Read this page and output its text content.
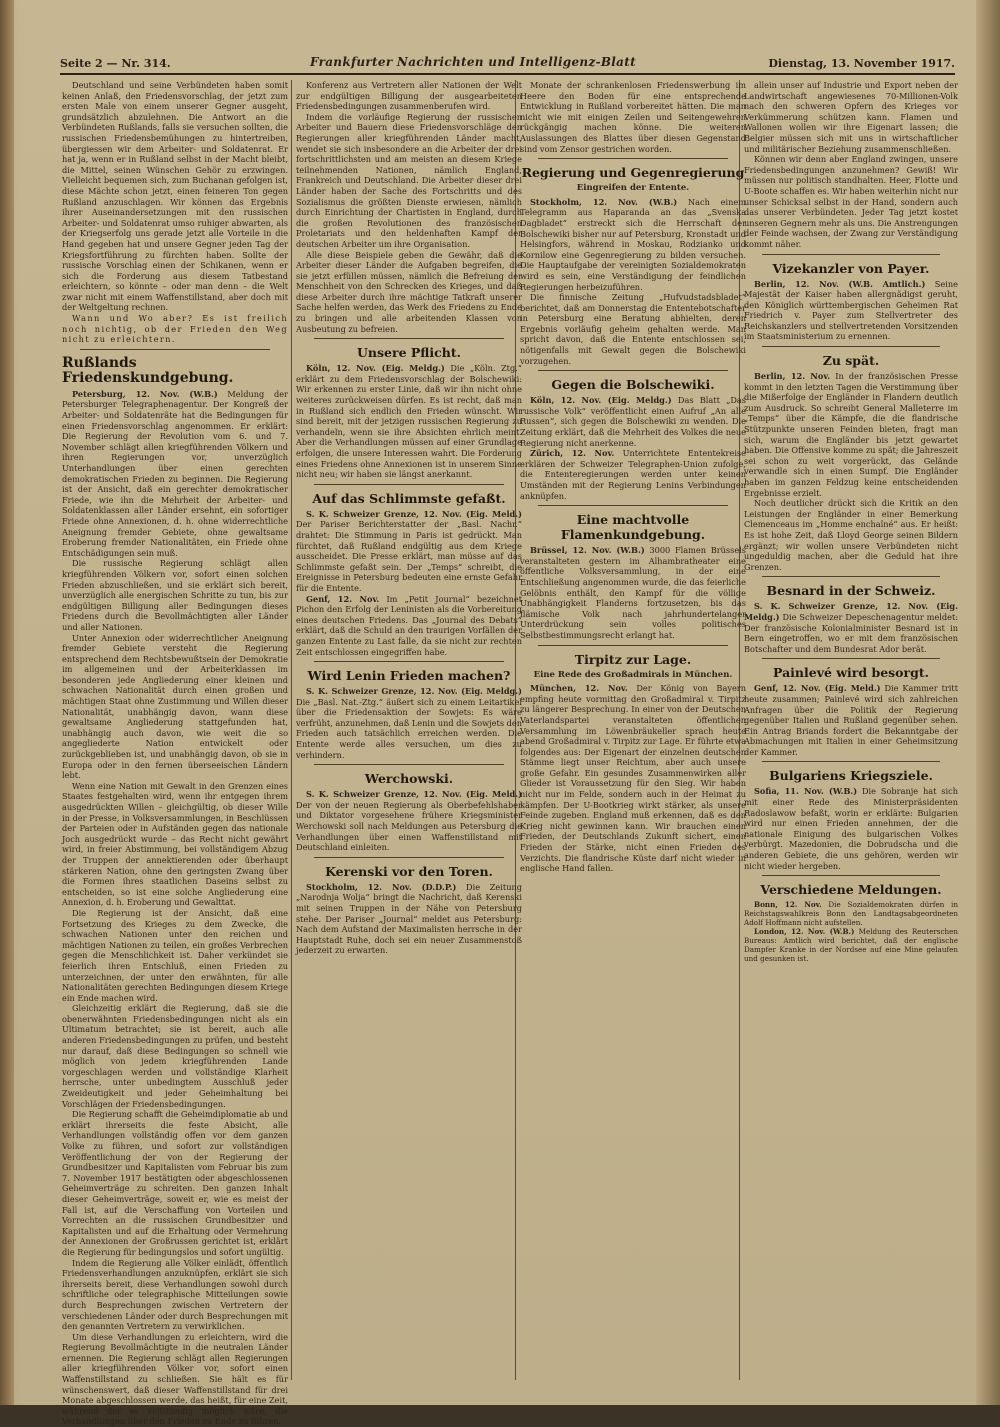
Seite 2 — Nr. 314.	Frankfurter Nachrichten und Intelligenz-Blatt	Dienstag, 13. November 1917.

Deutschland und seine Verbündeten haben somit keinen Anlaß, den Friedensvorschlag, der jetzt zum ersten Male von einem unserer Gegner ausgeht, grundsätzlich abzulehnen. Die Antwort an die Verbündeten Rußlands, falls sie versuchen sollten, die russischen Friedensbemühungen zu hintertreiben, übergiessen wir dem Arbeiter- und Soldatenrat. Er hat ja, wenn er in Rußland selbst in der Macht bleibt, die Mittel, seinen Wünschen Gehör zu erzwingen. Vielleicht bequemen sich, zum Buchanan gefolgen ist, diese Mächte schon jetzt, einen feineren Ton gegen Rußland anzuschlagen. Wir können das Ergebnis ihrer Auseinandersetzungen mit den russischen Arbeiter- und Soldatenrat umso ruhiger abwarten, als der Kriegserfolg uns gerade jetzt alle Vorteile in die Hand gegeben hat und unsere Gegner jeden Tag der Kriegsfortführung zu fürchten haben. Sollte der russische Vorschlag einen der Schikanen, wenn er sich die Forderung aus diesem Tatbestand erleichtern, so könnte – oder man denn – die Welt zwar nicht mit einem Waffenstillstand, aber doch mit der Weltgeltung rechnen.

Wann und Wo aber? Es ist freilich noch nichtig, ob der Frieden den Weg nicht zu erleichtern.

Rußlands Friedenskundgebung.

Petersburg, 12. Nov. (W.B.) Meldung der Petersburger Telegraphenagentur. Der Kongreß der Arbeiter- und Soldatenräte hat die Bedingungen für einen Friedensvorschlag angenommen. Er erklärt: Die Regierung der Revolution vom 6. und 7. November schlägt allen kriegführenden Völkern und ihren Regierungen vor, unverzüglich Unterhandlungen über einen gerechten demokratischen Frieden zu beginnen. Die Regierung ist der Ansicht, daß ein gerechter demokratischer Friede, wie ihn die Mehrheit der Arbeiter- und Soldatenklassen aller Länder ersehnt, ein sofortiger Friede ohne Annexionen, d. h. ohne widerrechtliche Aneignung fremder Gebiete, ohne gewaltsame Eroberung fremder Nationalitäten, ein Friede ohne Entschädigungen sein muß.

Die russische Regierung schlägt allen kriegführenden Völkern vor, sofort einen solchen Frieden abzuschließen, und sie erklärt sich bereit, unverzüglich alle energischen Schritte zu tun, bis zur endgültigen Billigung aller Bedingungen dieses Friedens durch die Bevollmächtigten aller Länder und aller Nationen.

Unter Annexion oder widerrechtlicher Aneignung fremder Gebiete versteht die Regierung entsprechend dem Rechtsbewußtsein der Demokratie im allgemeinen und der Arbeiterklassen im besonderen jede Angliederung einer kleinen und schwachen Nationalität durch einen großen und mächtigen Staat ohne Zustimmung und Willen dieser Nationalität, unabhängig davon, wann diese gewaltsame Angliederung stattgefunden hat, unabhängig auch davon, wie weit die so angegliederte Nation entwickelt oder zurückgeblieben ist, und unabhängig davon, ob sie in Europa oder in den fernen überseeischen Ländern lebt.

Wenn eine Nation mit Gewalt in den Grenzen eines Staates festgehalten wird, wenn ihr entgegen ihrem ausgedrückten Willen – gleichgültig, ob dieser Wille in der Presse, in Volksversammlungen, in Beschlüssen der Parteien oder in Aufständen gegen das nationale Joch ausgedrückt wurde – das Recht nicht gewährt wird, in freier Abstimmung, bei vollständigem Abzug der Truppen der annektierenden oder überhaupt stärkeren Nation, ohne den geringsten Zwang über die Formen ihres staatlichen Daseins selbst zu entscheiden, so ist eine solche Angliederung eine Annexion, d. h. Eroberung und Gewalttat.

Die Regierung ist der Ansicht, daß eine Fortsetzung des Krieges zu dem Zwecke, die schwachen Nationen unter den reichen und mächtigen Nationen zu teilen, ein großes Verbrechen gegen die Menschlichkeit ist. Daher verkündet sie feierlich ihren Entschluß, einen Frieden zu unterzeichnen, der unter den erwähnten, für alle Nationalitäten gerechten Bedingungen diesem Kriege ein Ende machen wird.

Gleichzeitig erklärt die Regierung, daß sie die obenerwähnten Friedensbedingungen nicht als ein Ultimatum betrachtet; sie ist bereit, auch alle anderen Friedensbedingungen zu prüfen, und besteht nur darauf, daß diese Bedingungen so schnell wie möglich von jedem kriegführenden Lande vorgeschlagen werden und vollständige Klarheit herrsche, unter unbedingtem Ausschluß jeder Zweideutigkeit und jeder Geheimhaltung bei Vorschlägen der Friedensbedingungen.

Die Regierung schafft die Geheimdiplomatie ab und erklärt ihrerseits die feste Absicht, alle Verhandlungen vollständig offen vor dem ganzen Volke zu führen, und sofort zur vollständigen Veröffentlichung der von der Regierung der Grundbesitzer und Kapitalisten vom Februar bis zum 7. November 1917 bestätigten oder abgeschlossenen Geheimverträge zu schreiten. Den ganzen Inhalt dieser Geheimverträge, soweit er, wie es meist der Fall ist, auf die Verschaffung von Vorteilen und Vorrechten an die russischen Grundbesitzer und Kapitalisten und auf die Erhaltung oder Vermehrung der Annexionen der Großrussen gerichtet ist, erklärt die Regierung für bedingungslos und sofort ungültig.

Indem die Regierung alle Völker einlädt, öffentlich Friedensverhandlungen anzuknüpfen, erklärt sie sich ihrerseits bereit, diese Verhandlungen sowohl durch schriftliche oder telegraphische Mitteilungen sowie durch Besprechungen zwischen Vertretern der verschiedenen Länder oder durch Besprechungen mit den genannten Vertretern zu verwirklichen.

Um diese Verhandlungen zu erleichtern, wird die Regierung Bevollmächtigte in die neutralen Länder ernennen. Die Regierung schlägt allen Regierungen aller kriegführenden Völker vor, sofort einen Waffenstillstand zu schließen. Sie hält es für wünschenswert, daß dieser Waffenstillstand für drei Monate abgeschlossen werde, das heißt, für eine Zeit, während der es vollständig möglich wäre, die Verhandlungen über den Frieden zu Ende zu führen.

Konferenz aus Vertretern aller Nationen der Welt zur endgültigen Billigung der ausgearbeiteten Friedensbedingungen zusammenberufen wird.

Indem die vorläufige Regierung der russischen Arbeiter und Bauern diese Friedensvorschläge den Regierungen aller kriegführenden Länder macht, wendet sie sich insbesondere an die Arbeiter der drei fortschrittlichsten und am meisten an diesem Kriege teilnehmenden Nationen, nämlich England, Frankreich und Deutschland. Die Arbeiter dieser drei Länder haben der Sache des Fortschritts und des Sozialismus die größten Dienste erwiesen, nämlich durch Einrichtung der Chartisten in England, durch die großen Revolutionen des französischen Proletariats und den heldenhaften Kampf der deutschen Arbeiter um ihre Organisation.

Alle diese Beispiele geben die Gewähr, daß die Arbeiter dieser Länder die Aufgaben begreifen, die sie jetzt erfüllen müssen, nämlich die Befreiung der Menschheit von den Schrecken des Krieges, und daß diese Arbeiter durch ihre mächtige Tatkraft unserer Sache helfen werden, das Werk des Friedens zu Ende zu bringen und alle arbeitenden Klassen von Ausbeutung zu befreien.

Unsere Pflicht.

Köln, 12. Nov. (Eig. Meldg.) Die „Köln. Ztg.“ erklärt zu dem Friedensvorschlag der Bolschewiki: Wir erkennen zu erster Linie, daß wir ihn nicht ohne weiteres zurückweisen dürfen. Es ist recht, daß man in Rußland sich endlich den Frieden wünscht. Wir sind bereit, mit der jetzigen russischen Regierung zu verhandeln, wenn sie ihre Absichten ehrlich meint. Aber die Verhandlungen müssen auf einer Grundlage erfolgen, die unsere Interessen wahrt. Die Forderung eines Friedens ohne Annexionen ist in unserem Sinne nicht neu; wir haben sie längst anerkannt.

Auf das Schlimmste gefaßt.

S. K. Schweizer Grenze, 12. Nov. (Eig. Meld.) Der Pariser Berichterstatter der „Basl. Nachr.“ drahtet: Die Stimmung in Paris ist gedrückt. Man fürchtet, daß Rußland endgültig aus dem Kriege ausscheidet. Die Presse erklärt, man müsse auf das Schlimmste gefaßt sein. Der „Temps“ schreibt, die Ereignisse in Petersburg bedeuten eine ernste Gefahr für die Entente.

Genf, 12. Nov. Im „Petit Journal“ bezeichnet Pichon den Erfolg der Leninisten als die Vorbereitung eines deutschen Friedens. Das „Journal des Debats“ erklärt, daß die Schuld an den traurigen Vorfällen der ganzen Entente zu Last falle, da sie nicht zur rechten Zeit entschlossen eingegriffen habe.

Wird Lenin Frieden machen?

S. K. Schweizer Grenze, 12. Nov. (Eig. Meldg.) Die „Basl. Nat.-Ztg.“ äußert sich zu einem Leitartikel über die Friedensaktion der Sowjets: Es wäre verfrüht, anzunehmen, daß Lenin und die Sowjets den Frieden auch tatsächlich erreichen werden. Die Entente werde alles versuchen, um dies zu verhindern.

Werchowski.

S. K. Schweizer Grenze, 12. Nov. (Eig. Meld.) Der von der neuen Regierung als Oberbefehlshaber und Diktator vorgesehene frühere Kriegsminister Werchowski soll nach Meldungen aus Petersburg die Verhandlungen über einen Waffenstillstand mit Deutschland einleiten.

Kerenski vor den Toren.

Stockholm, 12. Nov. (D.D.P.) Die Zeitung „Narodnja Wolja“ bringt die Nachricht, daß Kerenski mit seinen Truppen in der Nähe von Petersburg stehe. Der Pariser „Journal“ meldet aus Petersburg: Nach dem Aufstand der Maximalisten herrsche in der Hauptstadt Ruhe, doch sei ein neuer Zusammenstoß jederzeit zu erwarten.

Monate der schrankenlosen Friedenswerbung im Heere den Boden für eine entsprechende Entwicklung in Rußland vorbereitet hätten. Die man nicht wie mit einigen Zeilen und Seitengewehren rückgängig machen könne. Die weiteren Auslassungen des Blattes über diesen Gegenstand sind vom Zensor gestrichen worden.

Regierung und Gegenregierung
Eingreifen der Entente.

Stockholm, 12. Nov. (W.B.) Nach einem Telegramm aus Haparanda an das „Svenska Dagbladet“ erstreckt sich die Herrschaft der Bolschewiki bisher nur auf Petersburg, Kronstadt und Helsingfors, während in Moskau, Rodzianko und Kornilow eine Gegenregierung zu bilden versuchen. Die Hauptaufgabe der vereinigten Sozialdemokraten wird es sein, eine Verständigung der feindlichen Regierungen herbeizuführen.

Die finnische Zeitung „Hufvudstadsbladet“ berichtet, daß am Donnerstag die Ententebotschafter in Petersburg eine Beratung abhielten, deren Ergebnis vorläufig geheim gehalten werde. Man spricht davon, daß die Entente entschlossen sei, nötigenfalls mit Gewalt gegen die Bolschewiki vorzugehen.

Gegen die Bolschewiki.

Köln, 12. Nov. (Eig. Meldg.) Das Blatt „Das russische Volk“ veröffentlicht einen Aufruf „An alle Russen“, sich gegen die Bolschewiki zu wenden. Die Zeitung erklärt, daß die Mehrheit des Volkes die neue Regierung nicht anerkenne.

Zürich, 12. Nov. Unterrichtete Ententekreise erklären der Schweizer Telegraphen-Union zufolge, die Ententeregierungen werden unter keinen Umständen mit der Regierung Lenins Verbindungen anknüpfen.

Eine machtvolle Flamenkundgebung.

Brüssel, 12. Nov. (W.B.) 3000 Flamen Brüssels veranstalteten gestern im Alhambratheater eine öffentliche Volksversammlung, in der eine Entschließung angenommen wurde, die das feierliche Gelöbnis enthält, den Kampf für die völlige Unabhängigkeit Flanderns fortzusetzen, bis das flämische Volk nach jahrhundertelanger Unterdrückung sein volles politisches Selbstbestimmungsrecht erlangt hat.

Tirpitz zur Lage.
Eine Rede des Großadmirals in München.

München, 12. Nov. Der König von Bayern empfing heute vormittag den Großadmiral v. Tirpitz zu längerer Besprechung. In einer von der Deutschen Vaterlandspartei veranstalteten öffentlichen Versammlung im Löwenbräukeller sprach heute abend Großadmiral v. Tirpitz zur Lage. Er führte etwa folgendes aus: Der Eigenart der einzelnen deutschen Stämme liegt unser Reichtum, aber auch unsere große Gefahr. Ein gesundes Zusammenwirken aller Glieder ist Voraussetzung für den Sieg. Wir haben nicht nur im Felde, sondern auch in der Heimat zu kämpfen. Der U-Bootkrieg wirkt stärker, als unsere Feinde zugeben. England muß erkennen, daß es den Krieg nicht gewinnen kann. Wir brauchen einen Frieden, der Deutschlands Zukunft sichert, einen Frieden der Stärke, nicht einen Frieden des Verzichts. Die flandrische Küste darf nicht wieder in englische Hand fallen.

allein unser auf Industrie und Export neben der Landwirtschaft angewiesenes 70-Millionen-Volk nach den schweren Opfern des Krieges vor Verkümmerung schützen kann. Flamen und Wallonen wollen wir ihre Eigenart lassen; die Belgier müssen sich mit uns in wirtschaftlicher und militärischer Beziehung zusammenschließen.

Können wir denn aber England zwingen, unsere Friedensbedingungen anzunehmen? Gewiß! Wir müssen nur politisch standhalten. Heer, Flotte und U-Boote schaffen es. Wir haben weiterhin nicht nur unser Schicksal selbst in der Hand, sondern auch das unserer Verbündeten. Jeder Tag jetzt kostet unseren Gegnern mehr als uns. Die Anstrengungen der Feinde wachsen, der Zwang zur Verständigung kommt näher.

Vizekanzler von Payer.

Berlin, 12. Nov. (W.B. Amtlich.) Seine Majestät der Kaiser haben allergnädigst geruht, den Königlich württembergischen Geheimen Rat Friedrich v. Payer zum Stellvertreter des Reichskanzlers und stellvertretenden Vorsitzenden im Staatsministerium zu ernennen.

Zu spät.

Berlin, 12. Nov. In der französischen Presse kommt in den letzten Tagen die Verstimmung über die Mißerfolge der Engländer in Flandern deutlich zum Ausdruck. So schreibt General Malleterre im „Temps“ über die Kämpfe, die die flandrische Stützpunkte unseren Feinden bieten, fragt man sich, warum die Engländer bis jetzt gewartet haben. Die Offensive komme zu spät; die Jahreszeit sei schon zu weit vorgerückt, das Gelände verwandle sich in einen Sumpf. Die Engländer haben im ganzen Feldzug keine entscheidenden Ergebnisse erzielt.

Noch deutlicher drückt sich die Kritik an den Leistungen der Engländer in einer Bemerkung Clemenceaus im „Homme enchaîné“ aus. Er heißt: Es ist hohe Zeit, daß Lloyd George seinen Bildern ergänzt; wir wollen unsere Verbündeten nicht ungeduldig machen, aber die Geduld hat ihre Grenzen.

Besnard in der Schweiz.

S. K. Schweizer Grenze, 12. Nov. (Eig. Meldg.) Die Schweizer Depeschenagentur meldet: Der französische Kolonialminister Besnard ist in Bern eingetroffen, wo er mit dem französischen Botschafter und dem Bundesrat Ador berät.

Painlevé wird besorgt.

Genf, 12. Nov. (Eig. Meld.) Die Kammer tritt heute zusammen; Painlevé wird sich zahlreichen Anfragen über die Politik der Regierung gegenüber Italien und Rußland gegenüber sehen. Ein Antrag Briands fordert die Bekanntgabe der Abmachungen mit Italien in einer Geheimsitzung der Kammer.

Bulgariens Kriegsziele.

Sofia, 11. Nov. (W.B.) Die Sobranje hat sich mit einer Rede des Ministerpräsidenten Radoslawow befaßt, worin er erklärte: Bulgarien wird nur einen Frieden annehmen, der die nationale Einigung des bulgarischen Volkes verbürgt. Mazedonien, die Dobrudscha und die anderen Gebiete, die uns gehören, werden wir nicht wieder hergeben.

Verschiedene Meldungen.

Bonn, 12. Nov. Die Sozialdemokraten dürfen in Reichstagswahlkreis Bonn den Landtagsabgeordneten Adolf Hoffmann nicht aufstellen.

London, 12. Nov. (W.B.) Meldung des Reuterschen Bureaus: Amtlich wird berichtet, daß der englische Dampfer Kranke in der Nordsee auf eine Mine gelaufen und gesunken ist.
